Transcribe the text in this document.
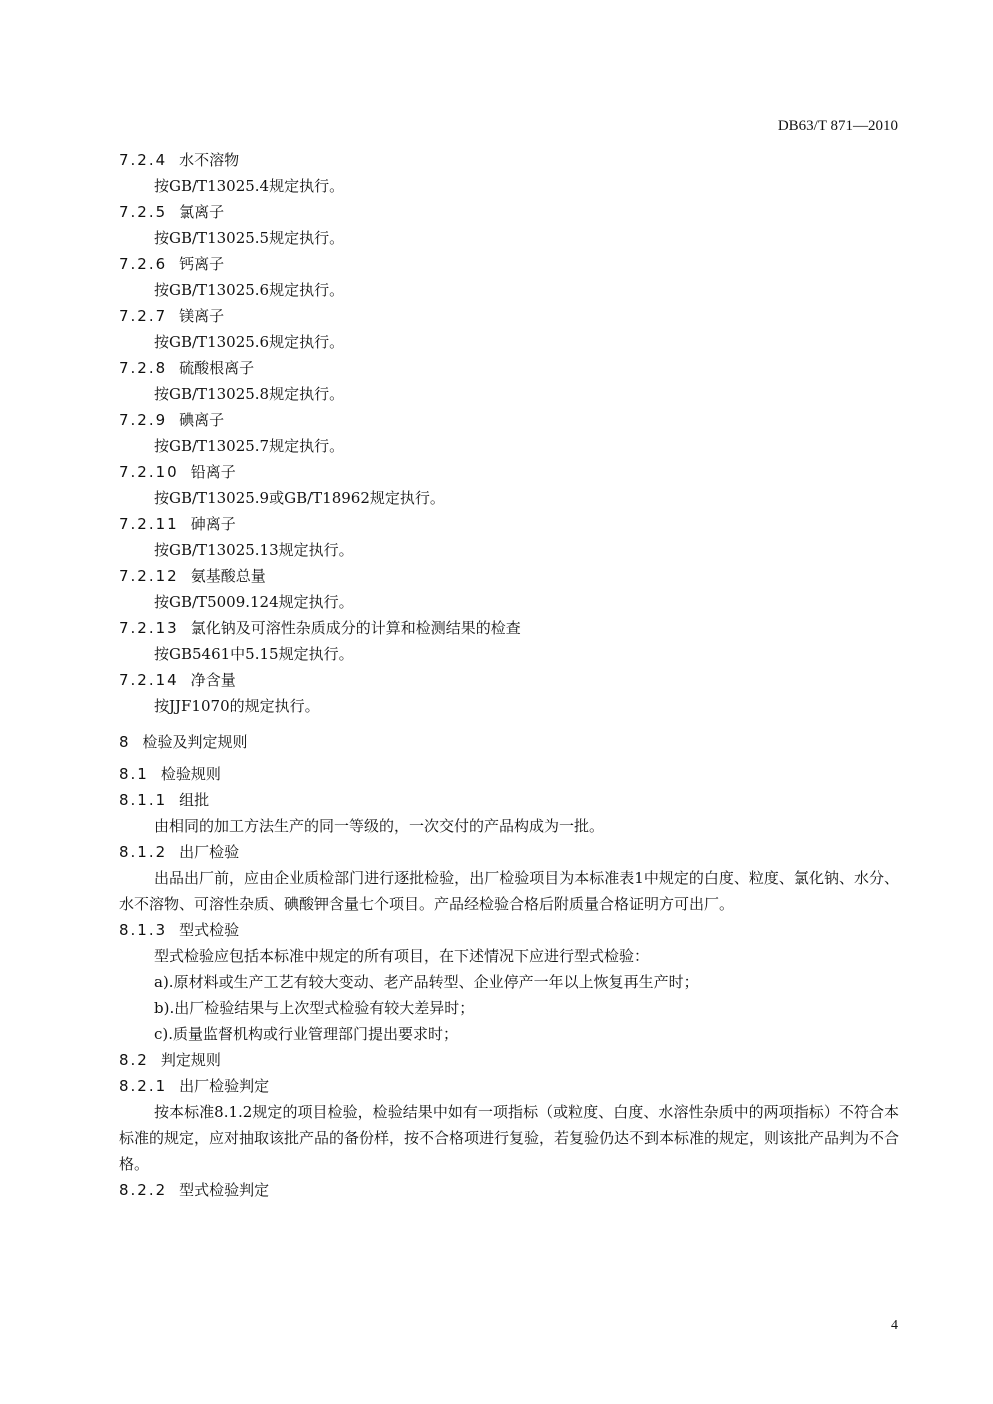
DB63/T 871—2010
7.2.4 水不溶物
按GB/T13025.4规定执行。
7.2.5 氯离子
按GB/T13025.5规定执行。
7.2.6 钙离子
按GB/T13025.6规定执行。
7.2.7 镁离子
按GB/T13025.6规定执行。
7.2.8 硫酸根离子
按GB/T13025.8规定执行。
7.2.9 碘离子
按GB/T13025.7规定执行。
7.2.10 铅离子
按GB/T13025.9或GB/T18962规定执行。
7.2.11 砷离子
按GB/T13025.13规定执行。
7.2.12 氨基酸总量
按GB/T5009.124规定执行。
7.2.13 氯化钠及可溶性杂质成分的计算和检测结果的检查
按GB5461中5.15规定执行。
7.2.14 净含量
按JJF1070的规定执行。
8 检验及判定规则
8.1 检验规则
8.1.1 组批
由相同的加工方法生产的同一等级的，一次交付的产品构成为一批。
8.1.2 出厂检验
出品出厂前，应由企业质检部门进行逐批检验，出厂检验项目为本标准表1中规定的白度、粒度、氯化钠、水分、水不溶物、可溶性杂质、碘酸钾含量七个项目。产品经检验合格后附质量合格证明方可出厂。
8.1.3 型式检验
型式检验应包括本标准中规定的所有项目，在下述情况下应进行型式检验：
a).原材料或生产工艺有较大变动、老产品转型、企业停产一年以上恢复再生产时；
b).出厂检验结果与上次型式检验有较大差异时；
c).质量监督机构或行业管理部门提出要求时；
8.2 判定规则
8.2.1 出厂检验判定
按本标准8.1.2规定的项目检验，检验结果中如有一项指标（或粒度、白度、水溶性杂质中的两项指标）不符合本标准的规定，应对抽取该批产品的备份样，按不合格项进行复验，若复验仍达不到本标准的规定，则该批产品判为不合格。
8.2.2 型式检验判定
4
